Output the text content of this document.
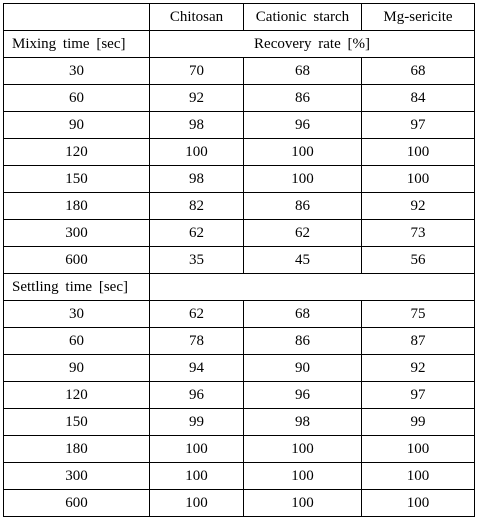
	Chitosan	Cationic starch	Mg-sericite
Mixing time [sec]	Recovery rate [%]		
30	70	68	68
60	92	86	84
90	98	96	97
120	100	100	100
150	98	100	100
180	82	86	92
300	62	62	73
600	35	45	56
Settling time [sec]			
30	62	68	75
60	78	86	87
90	94	90	92
120	96	96	97
150	99	98	99
180	100	100	100
300	100	100	100
600	100	100	100
